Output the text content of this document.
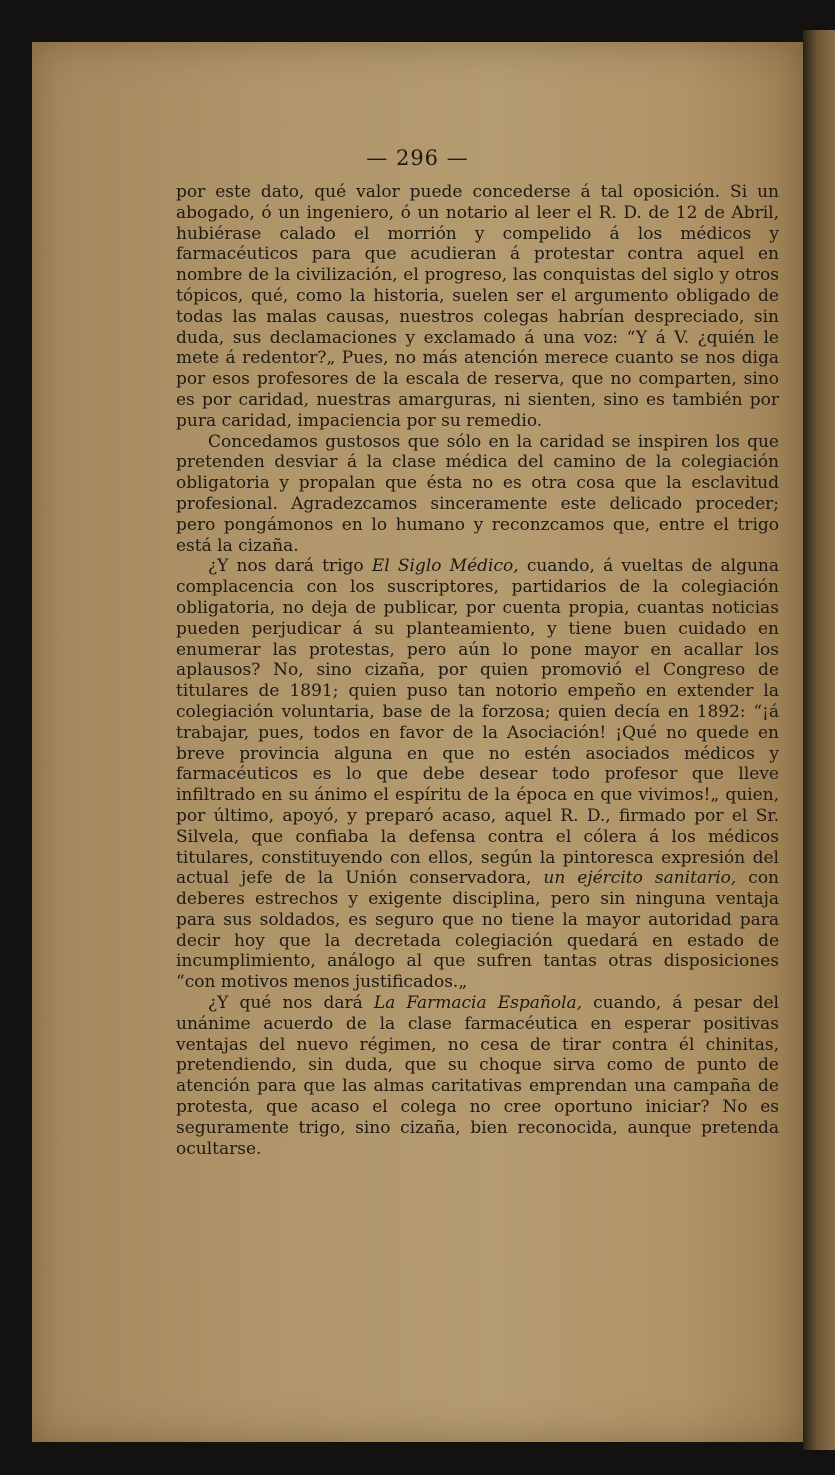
— 296 —

por este dato, qué valor puede concederse á tal oposición. Si un abogado, ó un ingeniero, ó un notario al leer el R. D. de 12 de Abril, hubiérase calado el morrión y compelido á los médicos y farmacéuticos para que acudieran á protestar contra aquel en nombre de la civilización, el progreso, las conquistas del siglo y otros tópicos, qué, como la historia, suelen ser el argumento obligado de todas las malas causas, nuestros colegas habrían despreciado, sin duda, sus declamaciones y exclamado á una voz: “Y á V. ¿quién le mete á redentor?„ Pues, no más atención merece cuanto se nos diga por esos profesores de la escala de reserva, que no comparten, sino es por caridad, nuestras amarguras, ni sienten, sino es también por pura caridad, impaciencia por su remedio.

Concedamos gustosos que sólo en la caridad se inspiren los que pretenden desviar á la clase médica del camino de la colegiación obligatoria y propalan que ésta no es otra cosa que la esclavitud profesional. Agradezcamos sinceramente este delicado proceder; pero pongámonos en lo humano y reconzcamos que, entre el trigo está la cizaña.

¿Y nos dará trigo El Siglo Médico, cuando, á vueltas de alguna complacencia con los suscriptores, partidarios de la colegiación obligatoria, no deja de publicar, por cuenta propia, cuantas noticias pueden perjudicar á su planteamiento, y tiene buen cuidado en enumerar las protestas, pero aún lo pone mayor en acallar los aplausos? No, sino cizaña, por quien promovió el Congreso de titulares de 1891; quien puso tan notorio empeño en extender la colegiación voluntaria, base de la forzosa; quien decía en 1892: “¡á trabajar, pues, todos en favor de la Asociación! ¡Qué no quede en breve provincia alguna en que no estén asociados médicos y farmacéuticos es lo que debe desear todo profesor que lleve infiltrado en su ánimo el espíritu de la época en que vivimos!„ quien, por último, apoyó, y preparó acaso, aquel R. D., firmado por el Sr. Silvela, que confiaba la defensa contra el cólera á los médicos titulares, constituyendo con ellos, según la pintoresca expresión del actual jefe de la Unión conservadora, un ejército sanitario, con deberes estrechos y exigente disciplina, pero sin ninguna ventaja para sus soldados, es seguro que no tiene la mayor autoridad para decir hoy que la decretada colegiación quedará en estado de incumplimiento, análogo al que sufren tantas otras disposiciones “con motivos menos justificados.„

¿Y qué nos dará La Farmacia Española, cuando, á pesar del unánime acuerdo de la clase farmacéutica en esperar positivas ventajas del nuevo régimen, no cesa de tirar contra él chinitas, pretendiendo, sin duda, que su choque sirva como de punto de atención para que las almas caritativas emprendan una campaña de protesta, que acaso el colega no cree oportuno iniciar? No es seguramente trigo, sino cizaña, bien reconocida, aunque pretenda ocultarse.
